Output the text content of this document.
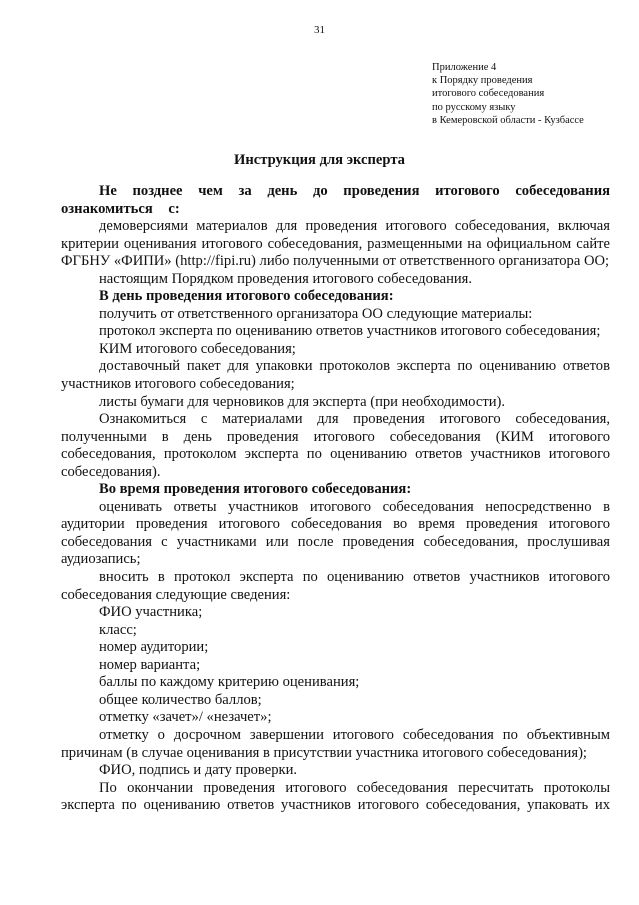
31
Приложение 4
к Порядку проведения
итогового собеседования
по русскому языку
в Кемеровской области - Кузбассе
Инструкция для эксперта

Не позднее чем за день до проведения итогового собеседования ознакомиться с:

демоверсиями материалов для проведения итогового собеседования, включая критерии оценивания итогового собеседования, размещенными на официальном сайте ФГБНУ «ФИПИ» (http://fipi.ru) либо полученными от ответственного организатора ОО;

настоящим Порядком проведения итогового собеседования.

В день проведения итогового собеседования:

получить от ответственного организатора ОО следующие материалы:

протокол эксперта по оцениванию ответов участников итогового собеседования;

КИМ итогового собеседования;

доставочный пакет для упаковки протоколов эксперта по оцениванию ответов участников итогового собеседования;

листы бумаги для черновиков для эксперта (при необходимости).

Ознакомиться с материалами для проведения итогового собеседования, полученными в день проведения итогового собеседования (КИМ итогового собеседования, протоколом эксперта по оцениванию ответов участников итогового собеседования).

Во время проведения итогового собеседования:

оценивать ответы участников итогового собеседования непосредственно в аудитории проведения итогового собеседования во время проведения итогового собеседования с участниками или после проведения собеседования, прослушивая аудиозапись;

вносить в протокол эксперта по оцениванию ответов участников итогового собеседования следующие сведения:

ФИО участника;

класс;

номер аудитории;

номер варианта;

баллы по каждому критерию оценивания;

общее количество баллов;

отметку «зачет»/ «незачет»;

отметку о досрочном завершении итогового собеседования по объективным причинам (в случае оценивания в присутствии участника итогового собеседования);

ФИО, подпись и дату проверки.

По окончании проведения итогового собеседования пересчитать протоколы эксперта по оцениванию ответов участников итогового собеседования, упаковать их
